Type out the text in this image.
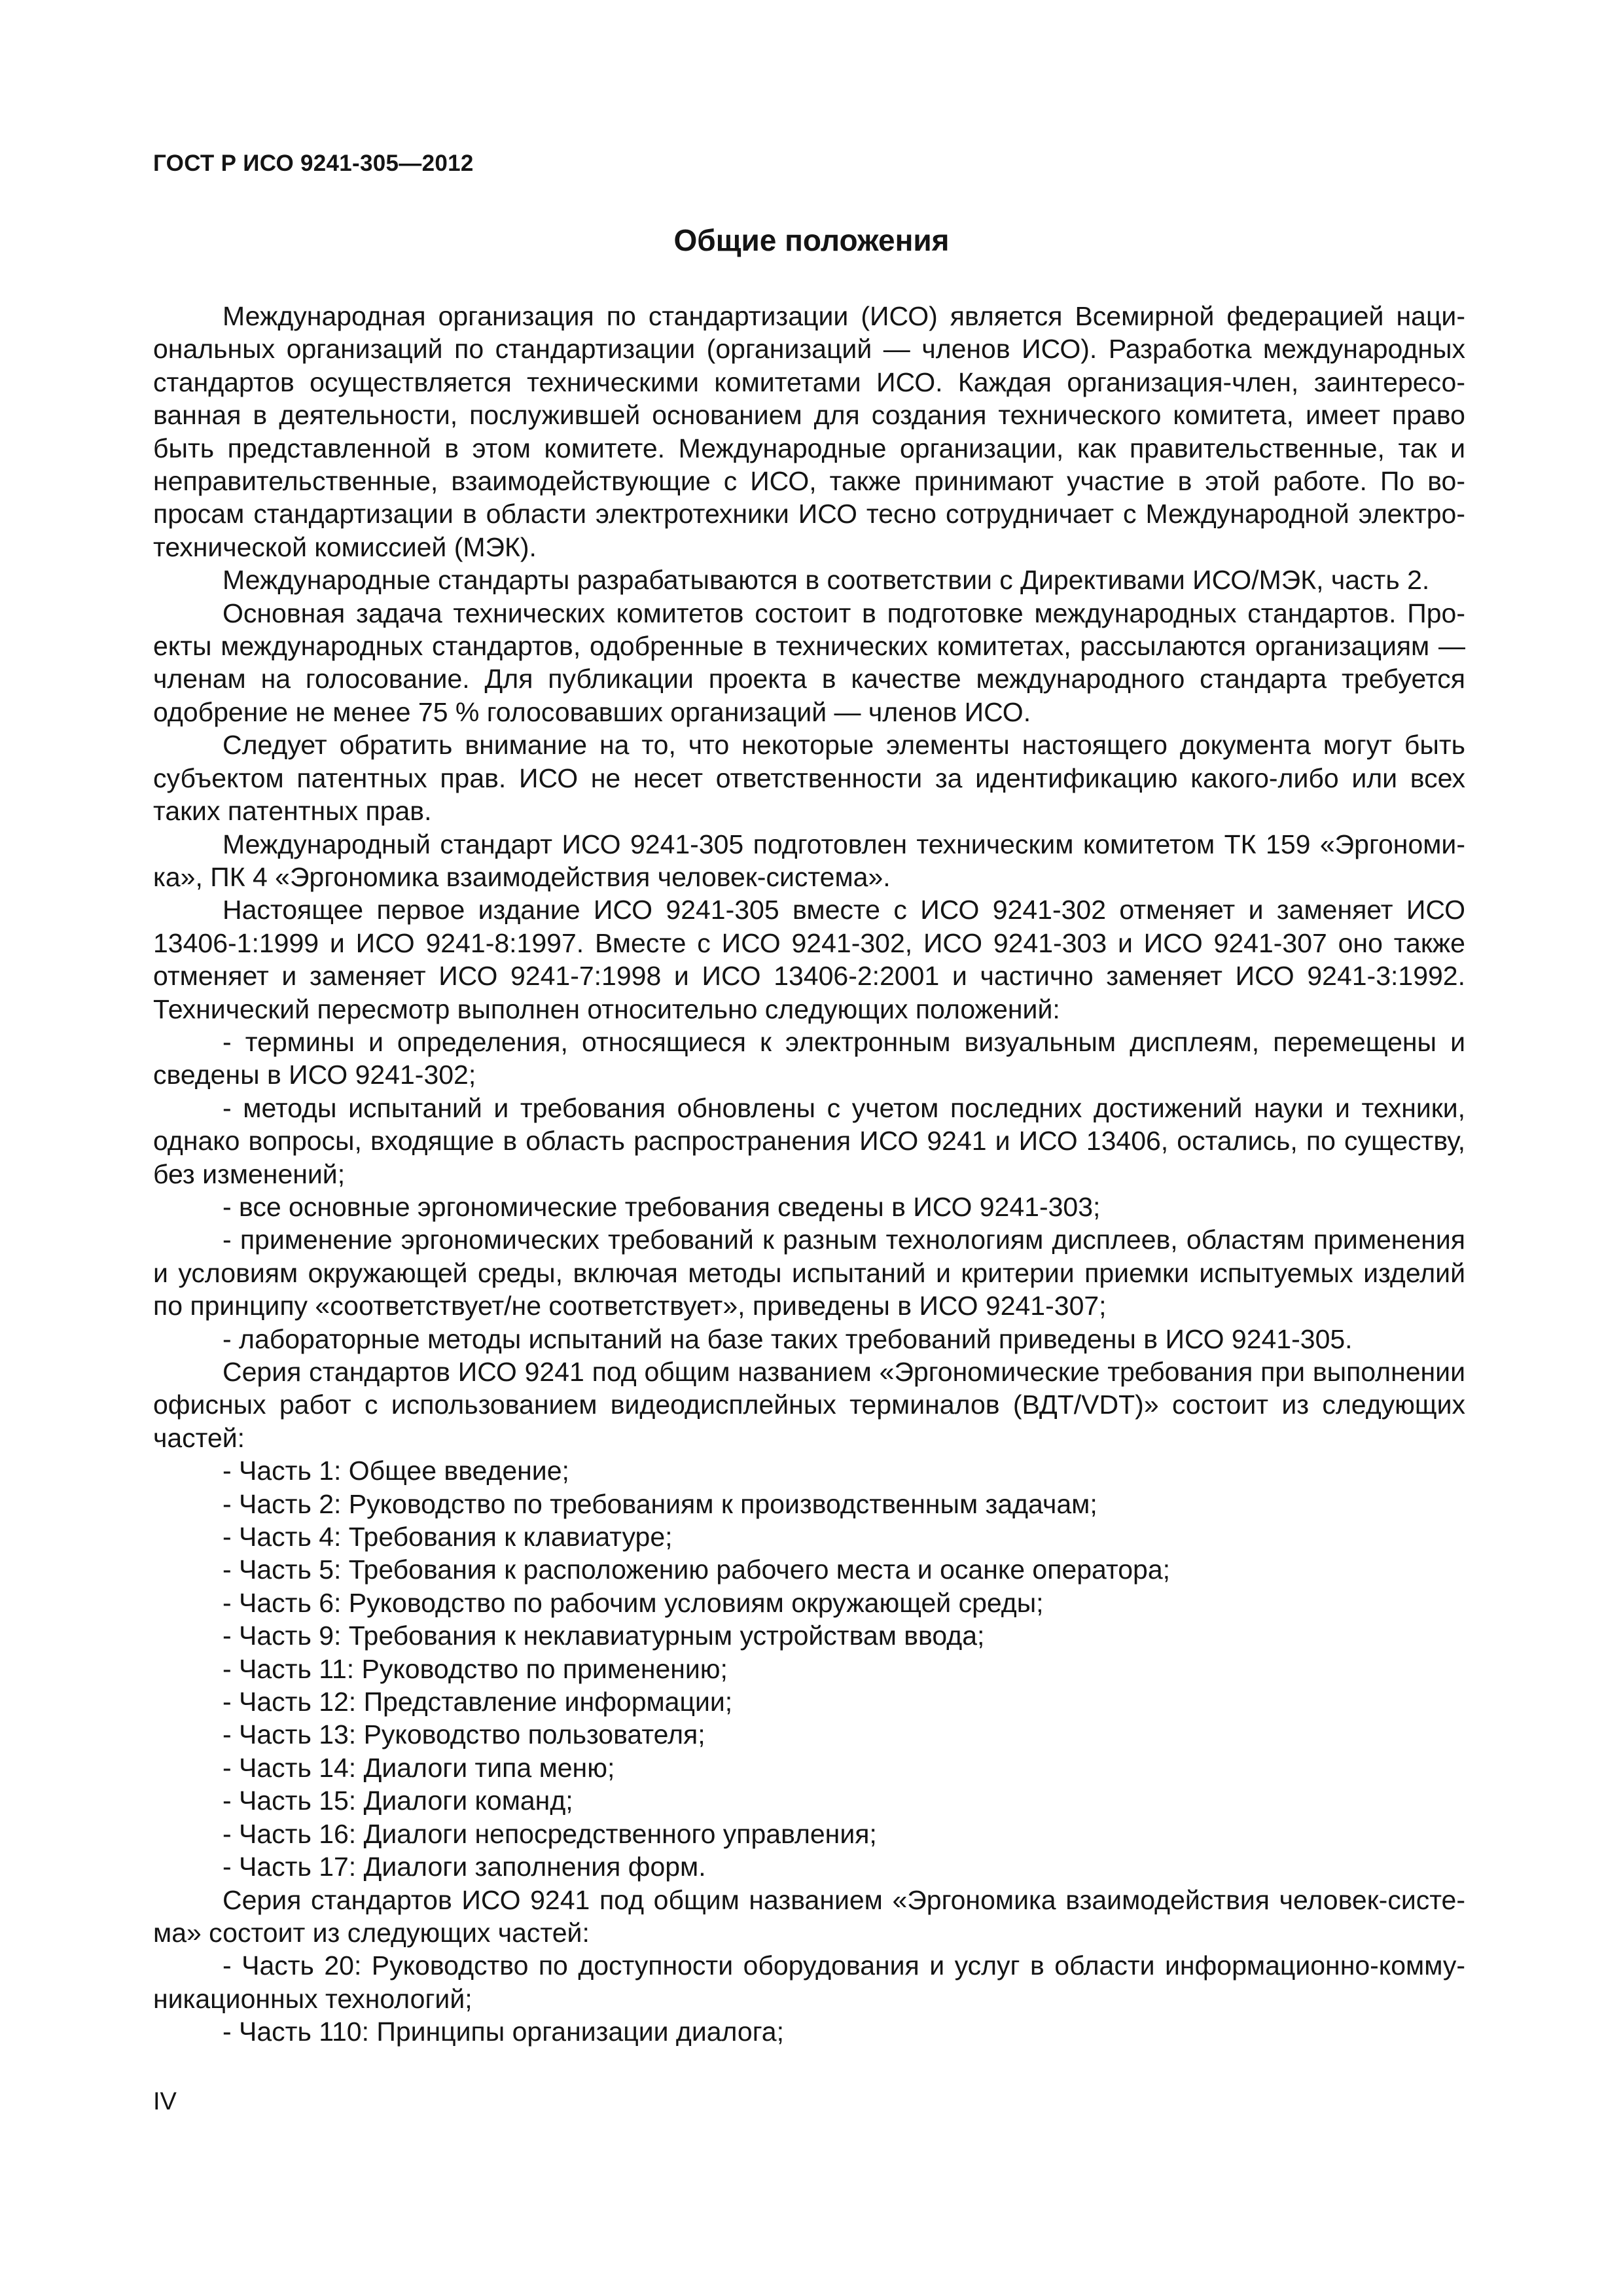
ГОСТ Р ИСО 9241-305—2012
Общие положения

Международная организация по стандартизации (ИСО) является Всемирной федерацией национальных организаций по стандартизации (организаций — членов ИСО). Разработка международных стандартов осуществляется техническими комитетами ИСО. Каждая организация-член, заинтересованная в деятельности, послужившей основанием для создания технического комитета, имеет право быть представленной в этом комитете. Международные организации, как правительственные, так и неправительственные, взаимодействующие с ИСО, также принимают участие в этой работе. По вопросам стандартизации в области электротехники ИСО тесно сотрудничает с Международной электротехнической комиссией (МЭК).

Международные стандарты разрабатываются в соответствии с Директивами ИСО/МЭК, часть 2.

Основная задача технических комитетов состоит в подготовке международных стандартов. Проекты международных стандартов, одобренные в технических комитетах, рассылаются организациям — членам на голосование. Для публикации проекта в качестве международного стандарта требуется одобрение не менее 75 % голосовавших организаций — членов ИСО.

Следует обратить внимание на то, что некоторые элементы настоящего документа могут быть субъектом патентных прав. ИСО не несет ответственности за идентификацию какого-либо или всех таких патентных прав.

Международный стандарт ИСО 9241-305 подготовлен техническим комитетом ТК 159 «Эргономика», ПК 4 «Эргономика взаимодействия человек-система».

Настоящее первое издание ИСО 9241-305 вместе с ИСО 9241-302 отменяет и заменяет ИСО 13406-1:1999 и ИСО 9241-8:1997. Вместе с ИСО 9241-302, ИСО 9241-303 и ИСО 9241-307 оно также отменяет и заменяет ИСО 9241-7:1998 и ИСО 13406-2:2001 и частично заменяет ИСО 9241-3:1992. Технический пересмотр выполнен относительно следующих положений:

- термины и определения, относящиеся к электронным визуальным дисплеям, перемещены и сведены в ИСО 9241-302;

- методы испытаний и требования обновлены с учетом последних достижений науки и техники, однако вопросы, входящие в область распространения ИСО 9241 и ИСО 13406, остались, по существу, без изменений;

- все основные эргономические требования сведены в ИСО 9241-303;

- применение эргономических требований к разным технологиям дисплеев, областям применения и условиям окружающей среды, включая методы испытаний и критерии приемки испытуемых изделий по принципу «соответствует/не соответствует», приведены в ИСО 9241-307;

- лабораторные методы испытаний на базе таких требований приведены в ИСО 9241-305.

Серия стандартов ИСО 9241 под общим названием «Эргономические требования при выполнении офисных работ с использованием видеодисплейных терминалов (ВДТ/VDT)» состоит из следующих частей:

- Часть 1: Общее введение;

- Часть 2: Руководство по требованиям к производственным задачам;

- Часть 4: Требования к клавиатуре;

- Часть 5: Требования к расположению рабочего места и осанке оператора;

- Часть 6: Руководство по рабочим условиям окружающей среды;

- Часть 9: Требования к неклавиатурным устройствам ввода;

- Часть 11: Руководство по применению;

- Часть 12: Представление информации;

- Часть 13: Руководство пользователя;

- Часть 14: Диалоги типа меню;

- Часть 15: Диалоги команд;

- Часть 16: Диалоги непосредственного управления;

- Часть 17: Диалоги заполнения форм.

Серия стандартов ИСО 9241 под общим названием «Эргономика взаимодействия человек-система» состоит из следующих частей:

- Часть 20: Руководство по доступности оборудования и услуг в области информационно-коммуникационных технологий;

- Часть 110: Принципы организации диалога;

IV
